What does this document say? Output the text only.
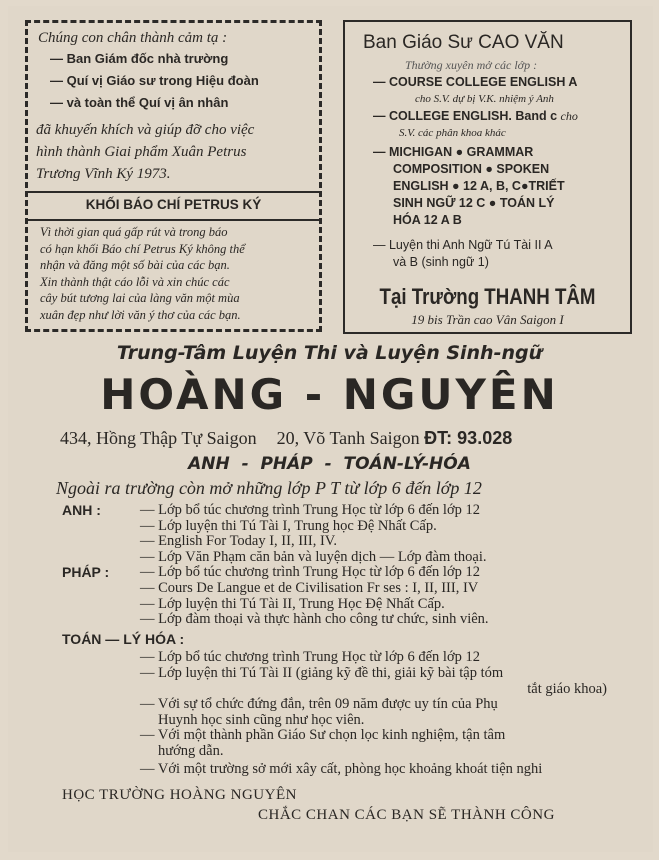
Chúng con chân thành cảm tạ :
— Ban Giám đốc nhà trường
— Quí vị Giáo sư trong Hiệu đoàn
— và toàn thể Quí vị ân nhân
đã khuyến khích và giúp đỡ cho việc
hình thành Giai phẩm Xuân Petrus
Trương Vĩnh Ký 1973.
KHỐI BÁO CHÍ PETRUS KÝ
Vì thời gian quá gấp rút và trong báo
có hạn khối Báo chí Petrus Ký không thể
nhận và đăng một số bài của các bạn.
Xin thành thật cáo lỗi và xin chúc các
cây bút tương lai của làng văn một mùa
xuân đẹp như lời văn ý thơ của các bạn.
Ban Giáo Sư CAO VĂN
Thường xuyên mở các lớp :
— COURSE COLLEGE ENGLISH A
cho S.V. dự bị V.K. nhiệm ý Anh
— COLLEGE ENGLISH. Band c cho
S.V. các phân khoa khác
— MICHIGAN ● GRAMMAR
COMPOSITION ● SPOKEN
ENGLISH ● 12 A, B, C●TRIẾT
SINH NGỮ 12 C ● TOÁN LÝ
HÓA 12 A B
— Luyện thi Anh Ngữ Tú Tài II A
và B (sinh ngữ 1)
Tại Trường THANH TÂM
19 bis Trần cao Vân Saigon I
Trung-Tâm Luyện Thi và Luyện Sinh-ngữ
HOÀNG - NGUYÊN
434, Hồng Thập Tự Saigon 20, Võ Tanh Saigon ĐT: 93.028
ANH  -  PHÁP  -  TOÁN-LÝ-HÓA
Ngoài ra trường còn mở những lớp P T từ lớp 6 đến lớp 12
ANH :	— Lớp bổ túc chương trình Trung Học từ lớp 6 đến lớp 12
— Lớp luyện thi Tú Tài I, Trung học Đệ Nhất Cấp.
— English For Today I, II, III, IV.
— Lớp Văn Phạm căn bản và luyện dịch — Lớp đàm thoại.
PHÁP :	— Lớp bổ túc chương trình Trung Học từ lớp 6 đến lớp 12
— Cours De Langue et de Civilisation Fr ses : I, II, III, IV
— Lớp luyện thi Tú Tài II, Trung Học Đệ Nhất Cấp.
— Lớp đàm thoại và thực hành cho công tư chức, sinh viên.
TOÁN — LÝ HÓA :
— Lớp bổ túc chương trình Trung Học từ lớp 6 đến lớp 12
— Lớp luyện thi Tú Tài II (giảng kỹ đề thi, giải kỹ bài tập tóm
tắt giáo khoa)
— Với sự tổ chức đứng đắn, trên 09 năm được uy tín của Phụ
Huynh học sinh cũng như học viên.
— Với một thành phần Giáo Sư chọn lọc kinh nghiệm, tận tâm
hướng dẫn.
— Với một trường sở mới xây cất, phòng học khoảng khoát tiện nghi
HỌC TRƯỜNG HOÀNG NGUYÊN
CHẮC CHAN CÁC BẠN SẼ THÀNH CÔNG
